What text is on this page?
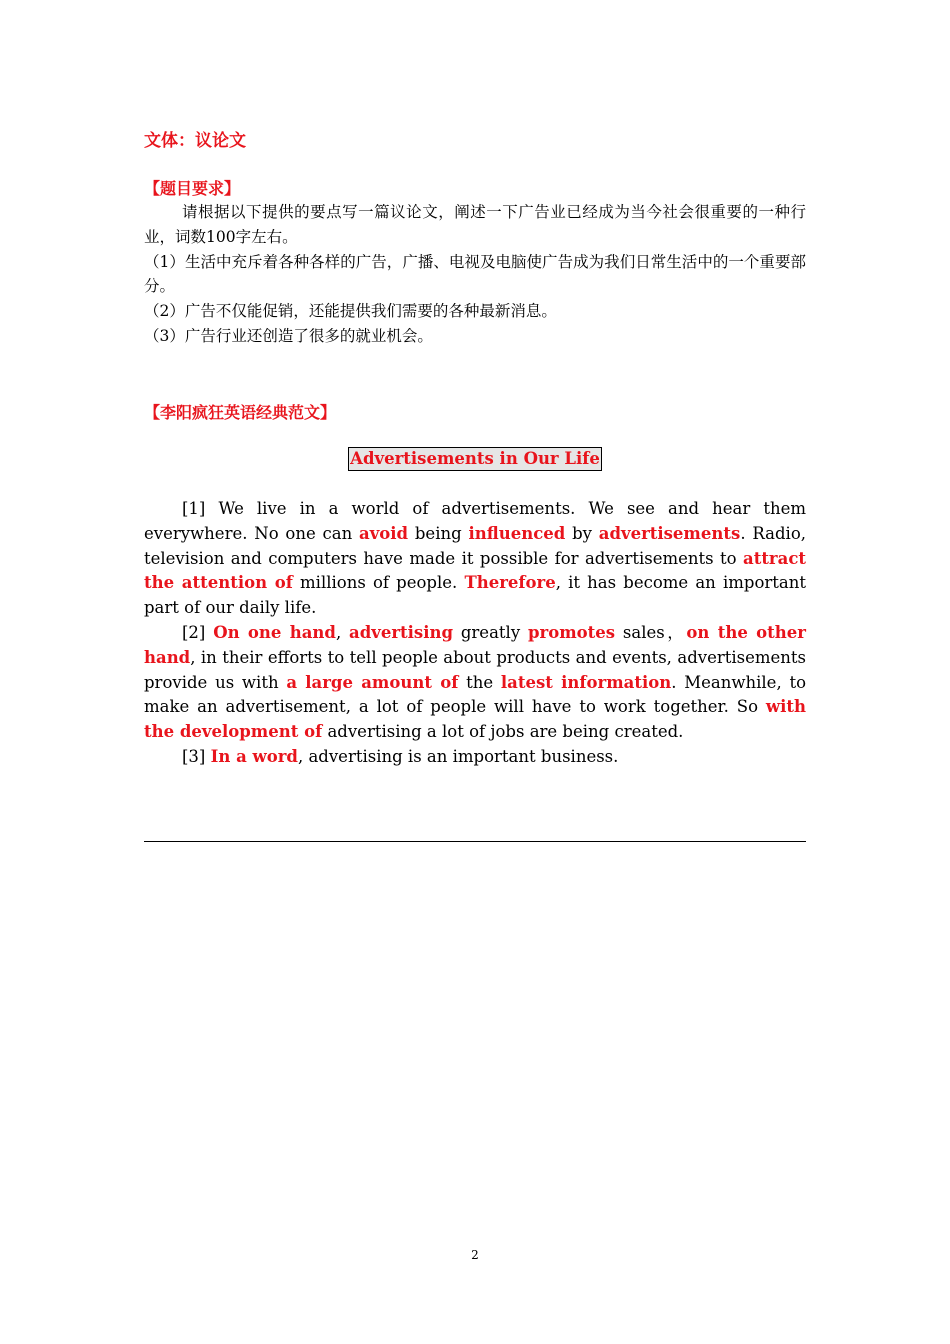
文体：议论文
【题目要求】

请根据以下提供的要点写一篇议论文，阐述一下广告业已经成为当今社会很重要的一种行业，词数100字左右。

（1）生活中充斥着各种各样的广告，广播、电视及电脑使广告成为我们日常生活中的一个重要部分。

（2）广告不仅能促销，还能提供我们需要的各种最新消息。

（3）广告行业还创造了很多的就业机会。

【李阳疯狂英语经典范文】
Advertisements in Our Life

[1] We live in a world of advertisements. We see and hear them everywhere. No one can avoid being influenced by advertisements. Radio, television and computers have made it possible for advertisements to attract the attention of millions of people. Therefore, it has become an important part of our daily life.

[2] On one hand, advertising greatly promotes sales，on the other hand, in their efforts to tell people about products and events, advertisements provide us with a large amount of the latest information. Meanwhile, to make an advertisement, a lot of people will have to work together. So with the development of advertising a lot of jobs are being created.

[3] In a word, advertising is an important business.

2
